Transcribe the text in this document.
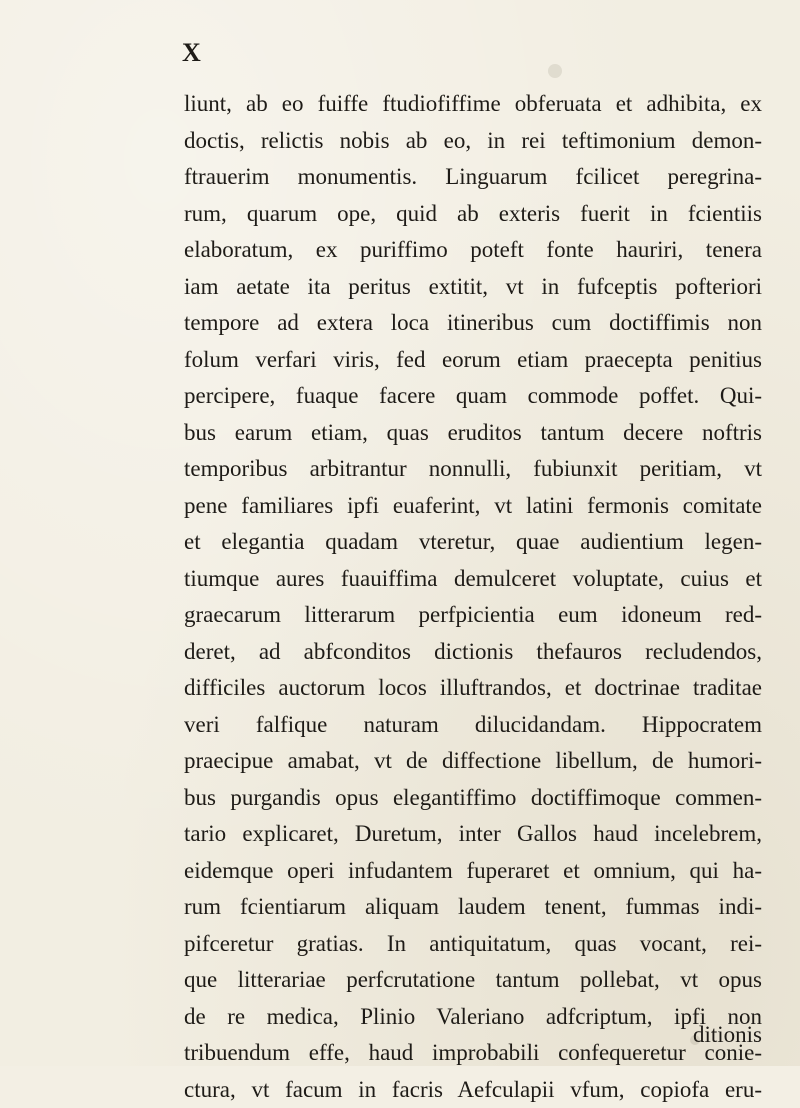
X
liunt, ab eo fuiffe ftudiofiffime obferuata et adhibita, ex
doctis, relictis nobis ab eo, in rei teftimonium demon-
ftrauerim monumentis. Linguarum fcilicet peregrina-
rum, quarum ope, quid ab exteris fuerit in fcientiis
elaboratum, ex puriffimo poteft fonte hauriri, tenera
iam aetate ita peritus extitit, vt in fufceptis pofteriori
tempore ad extera loca itineribus cum doctiffimis non
folum verfari viris, fed eorum etiam praecepta penitius
percipere, fuaque facere quam commode poffet. Qui-
bus earum etiam, quas eruditos tantum decere noftris
temporibus arbitrantur nonnulli, fubiunxit peritiam, vt
pene familiares ipfi euaferint, vt latini fermonis comitate
et elegantia quadam vteretur, quae audientium legen-
tiumque aures fuauiffima demulceret voluptate, cuius et
graecarum litterarum perfpicientia eum idoneum red-
deret, ad abfconditos dictionis thefauros recludendos,
difficiles auctorum locos illuftrandos, et doctrinae traditae
veri falfique naturam dilucidandam. Hippocratem
praecipue amabat, vt de diffectione libellum, de humori-
bus purgandis opus elegantiffimo doctiffimoque commen-
tario explicaret, Duretum, inter Gallos haud incelebrem,
eidemque operi infudantem fuperaret et omnium, qui ha-
rum fcientiarum aliquam laudem tenent, fummas indi-
pifceretur gratias. In antiquitatum, quas vocant, rei-
que litterariae perfcrutatione tantum pollebat, vt opus
de re medica, Plinio Valeriano adfcriptum, ipfi non
tribuendum effe, haud improbabili confequeretur conie-
ctura, vt facum in facris Aefculapii vfum, copiofa eru-
ditionis
